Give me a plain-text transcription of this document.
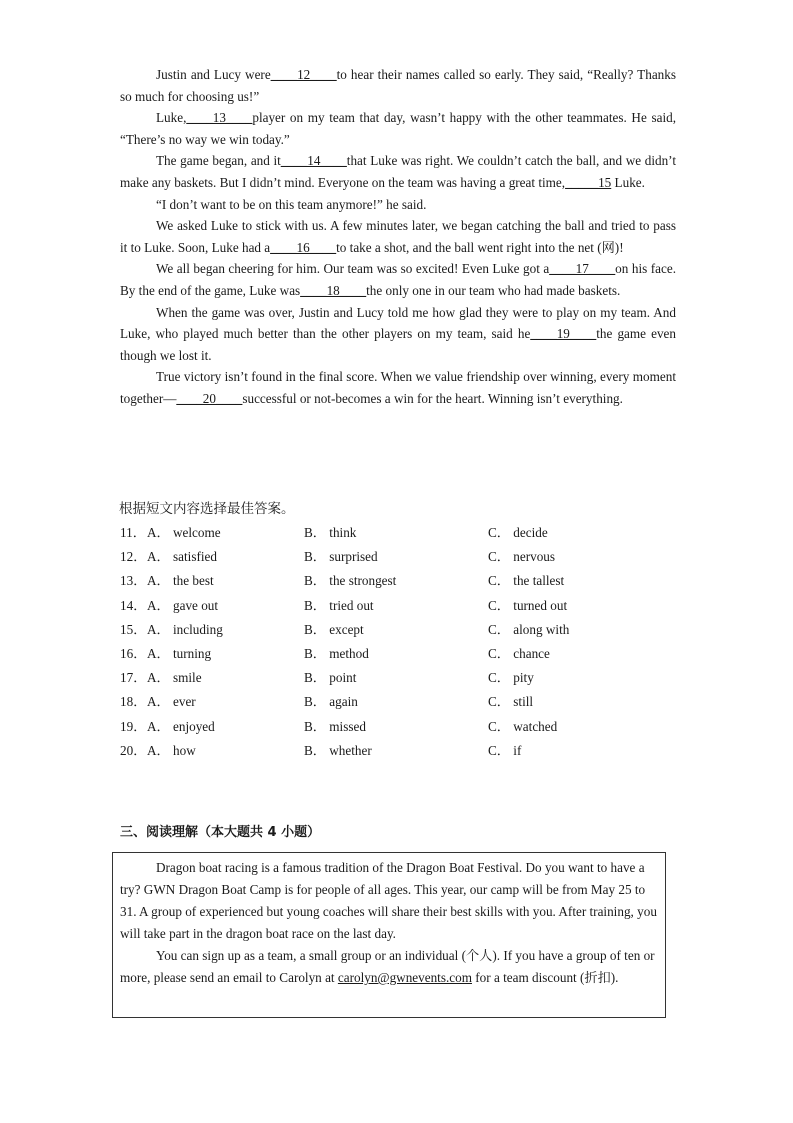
Justin and Lucy were____12____to hear their names called so early. They said, “Really? Thanks so much for choosing us!”

Luke,____13____player on my team that day, wasn’t happy with the other teammates. He said, “There’s no way we win today.”

The game began, and it____14____that Luke was right. We couldn’t catch the ball, and we didn’t make any baskets. But I didn’t mind. Everyone on the team was having a great time,_____15 Luke.

“I don’t want to be on this team anymore!” he said.

We asked Luke to stick with us. A few minutes later, we began catching the ball and tried to pass it to Luke. Soon, Luke had a____16____to take a shot, and the ball went right into the net (网)!

We all began cheering for him. Our team was so excited! Even Luke got a____17____on his face. By the end of the game, Luke was____18____the only one in our team who had made baskets.

When the game was over, Justin and Lucy told me how glad they were to play on my team. And Luke, who played much better than the other players on my team, said he____19____the game even though we lost it.

True victory isn’t found in the final score. When we value friendship over winning, every moment together—____20____successful or not-becomes a win for the heart. Winning isn’t everything.

根据短文内容选择最佳答案。
11． A． welcome	B． think	C． decide
12． A． satisfied	B． surprised	C． nervous
13． A． the best	B． the strongest	C． the tallest
14． A． gave out	B． tried out	C． turned out
15． A． including	B． except	C． along with
16． A． turning	B． method	C． chance
17． A． smile	B． point	C． pity
18． A． ever	B． again	C． still
19． A． enjoyed	B． missed	C． watched
20． A． how	B． whether	C． if
三、阅读理解（本大题共 4 小题）

Dragon boat racing is a famous tradition of the Dragon Boat Festival. Do you want to have a try? GWN Dragon Boat Camp is for people of all ages. This year, our camp will be from May 25 to 31. A group of experienced but young coaches will share their best skills with you. After training, you will take part in the dragon boat race on the last day.

You can sign up as a team, a small group or an individual (个人). If you have a group of ten or more, please send an email to Carolyn at carolyn@gwnevents.com for a team discount (折扣).
